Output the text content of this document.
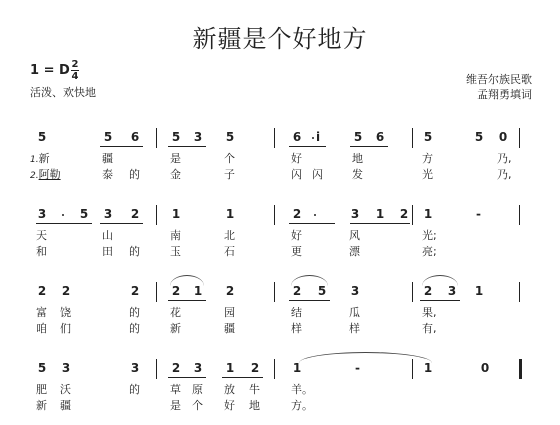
新疆是个好地方
1 = D 2
4
活泼、欢快地
维吾尔族民歌
孟翔勇填词
5	5 6	5 3 5	6	i	5 6	5	5 0
1.新	疆	是	个	好	地	方	乃,
2.阿勒	泰 的	金	子	闪 闪	发	光	乃,
3	5 3 2	1	1	2	3 1 2 1	-
天	山	南	北	好	风	光;
和	田 的	玉	石	更	漂	亮;
2 2	2	2 1 2	2 5 3	2 3 1
富 饶	的	花	园	结	瓜	果,
咱 们	的	新	疆	样	样	有,
5 3	3	2 3 1 2	1	-	1	0
肥 沃	的	草 原 放 牛	羊。
新 疆	是 个 好 地	方。
